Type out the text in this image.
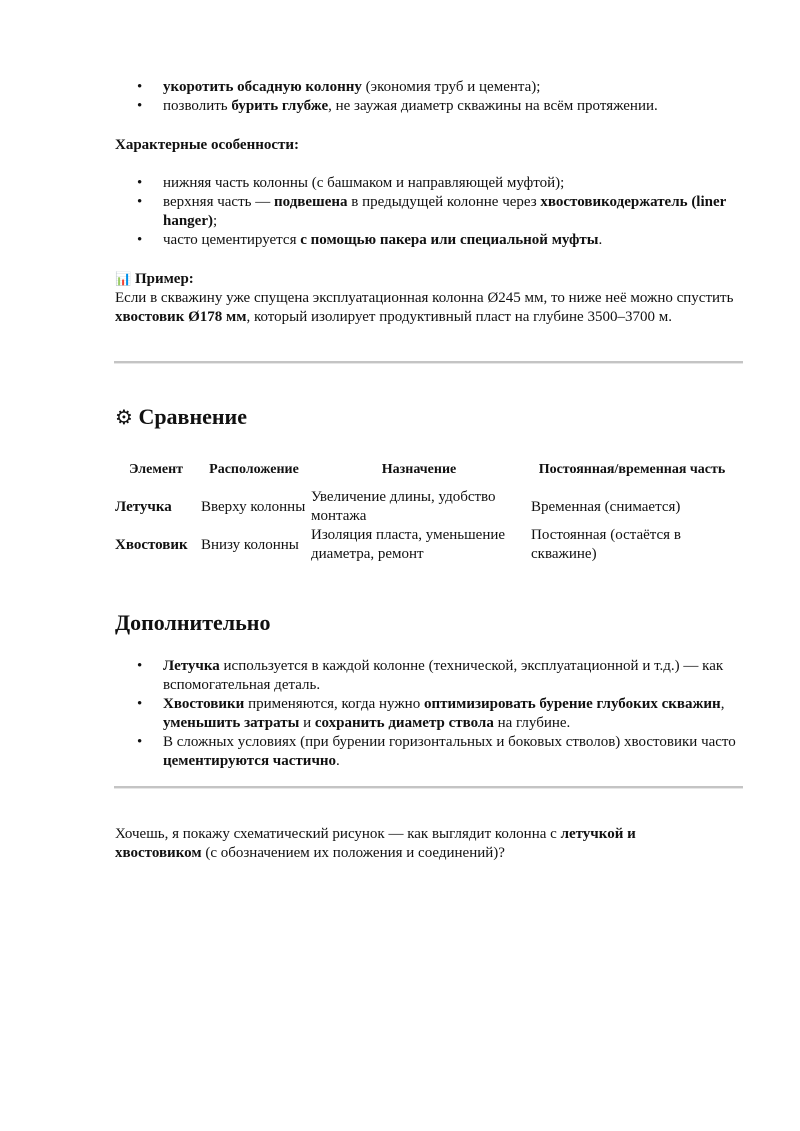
• укоротить обсадную колонну (экономия труб и цемента);
• позволить бурить глубже, не заужая диаметр скважины на всём протяжении.
Характерные особенности:
• нижняя часть колонны (с башмаком и направляющей муфтой);
• верхняя часть — подвешена в предыдущей колонне через хвостовикодержатель (liner hanger);
• часто цементируется с помощью пакера или специальной муфты.
📊 Пример:
Если в скважину уже спущена эксплуатационная колонна Ø245 мм, то ниже неё можно спустить хвостовик Ø178 мм, который изолирует продуктивный пласт на глубине 3500–3700 м.
⚙ Сравнение
Элемент	Расположение	Назначение	Постоянная/временная часть
Летучка	Вверху колонны	Увеличение длины, удобство монтажа	Временная (снимается)
Хвостовик	Внизу колонны	Изоляция пласта, уменьшение диаметра, ремонт	Постоянная (остаётся в скважине)
Дополнительно
• Летучка используется в каждой колонне (технической, эксплуатационной и т.д.) — как вспомогательная деталь.
• Хвостовики применяются, когда нужно оптимизировать бурение глубоких скважин, уменьшить затраты и сохранить диаметр ствола на глубине.
• В сложных условиях (при бурении горизонтальных и боковых стволов) хвостовики часто цементируются частично.
Хочешь, я покажу схематический рисунок — как выглядит колонна с летучкой и хвостовиком (с обозначением их положения и соединений)?
